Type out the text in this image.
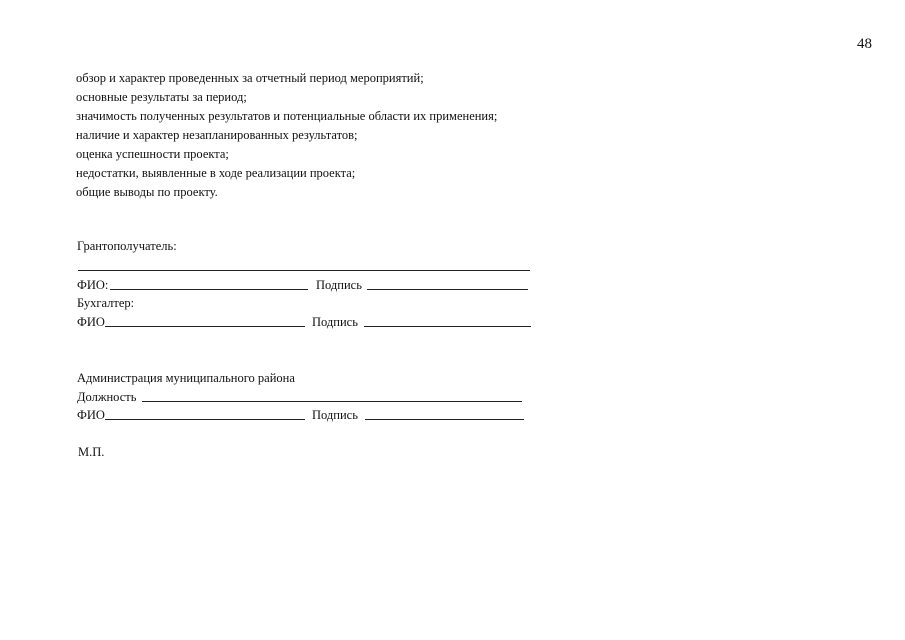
48
обзор и характер проведенных за отчетный период мероприятий;
основные результаты за период;
значимость полученных результатов и потенциальные области их применения;
наличие и характер незапланированных результатов;
оценка успешности проекта;
недостатки, выявленные в ходе реализации проекта;
общие выводы по проекту.
Грантополучатель:
ФИО:	Подпись
Бухгалтер:
ФИО	Подпись
Администрация муниципального района
Должность
ФИО	Подпись
М.П.
